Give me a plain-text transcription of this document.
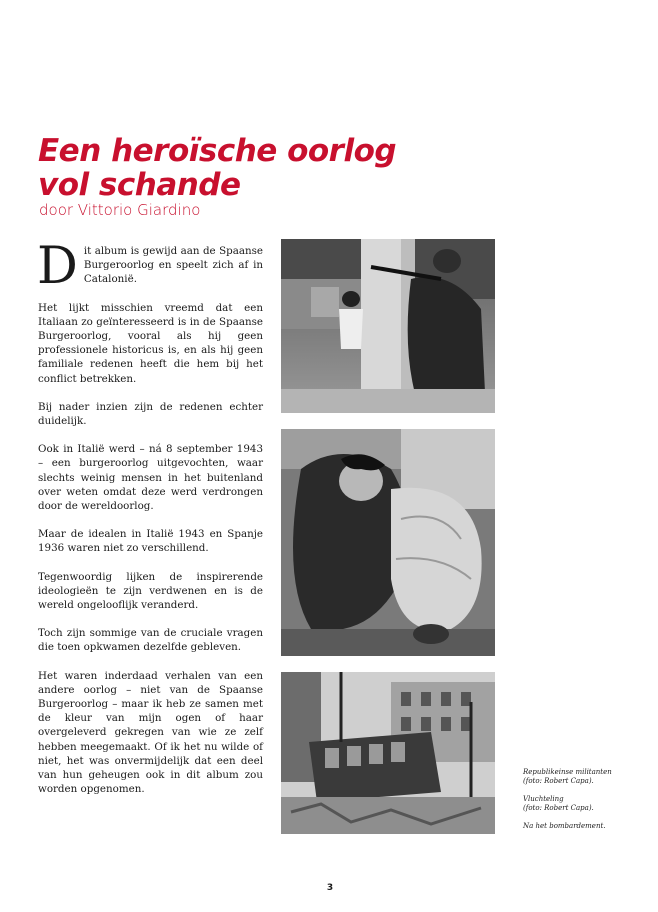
Een heroïsche oorlog
vol schande
door Vittorio Giardino

Dit album is gewijd aan de Spaanse Burgeroorlog en speelt zich af in Catalonië.

Het lijkt misschien vreemd dat een Italiaan zo geïnteresseerd is in de Spaanse Burgeroorlog, vooral als hij geen professionele historicus is, en als hij geen familiale redenen heeft die hem bij het conflict betrekken.

Bij nader inzien zijn de redenen echter duidelijk.

Ook in Italië werd – ná 8 september 1943 – een burgeroorlog uitgevochten, waar slechts weinig mensen in het buitenland over weten omdat deze werd verdrongen door de wereldoorlog.

Maar de idealen in Italië 1943 en Spanje 1936 waren niet zo verschillend.

Tegenwoordig lijken de inspirerende ideologieën te zijn verdwenen en is de wereld ongelooflijk veranderd.

Toch zijn sommige van de cruciale vragen die toen opkwamen dezelfde gebleven.

Het waren inderdaad verhalen van een andere oorlog – niet van de Spaanse Burgeroorlog – maar ik heb ze samen met de kleur van mijn ogen of haar overgeleverd gekregen van wie ze zelf hebben meegemaakt. Of ik het nu wilde of niet, het was onvermijdelijk dat een deel van hun geheugen ook in dit album zou worden opgenomen.

Republikeinse militanten
(foto: Robert Capa).
Vluchteling
(foto: Robert Capa).
Na het bombardement.
3
